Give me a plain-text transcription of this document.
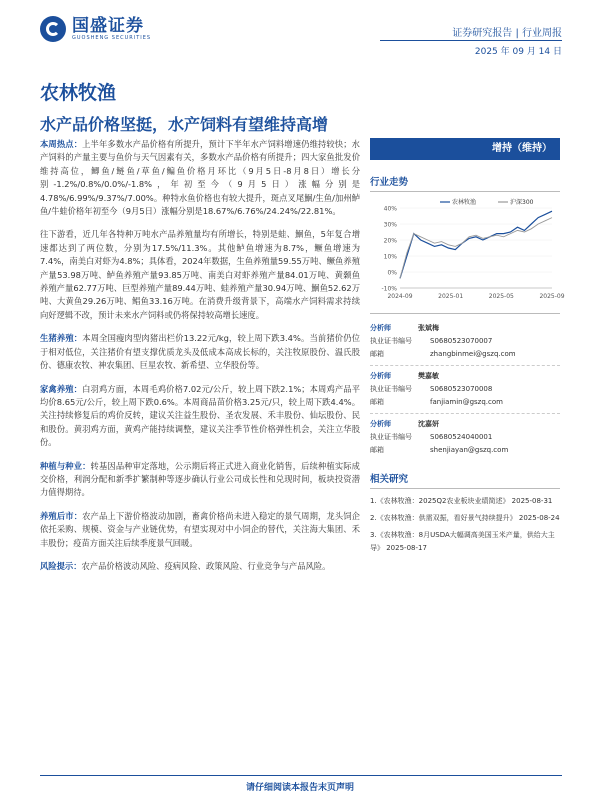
国盛证券
GUOSHENG SECURITIES	证券研究报告 | 行业周报
2025 年 09 月 14 日
农林牧渔
水产品价格坚挺，水产饲料有望维持高增

本周热点：上半年多数水产品价格有所提升，预计下半年水产饲料增速仍维持较快；水产饲料的产量主要与鱼价与天气因素有关，多数水产品价格有所提升；四大家鱼批发价维持高位，鲫鱼/鲢鱼/草鱼/鳊鱼价格月环比（9月5日-8月8日）增长分别-1.2%/0.8%/0.0%/-1.8%，年初至今（9月5日）涨幅分别是4.78%/6.99%/9.37%/7.00%。种特水鱼价格也有较大提升，斑点叉尾鮰/生鱼/加州鲈鱼/牛蛙价格年初至今（9月5日）涨幅分别是18.67%/6.76%/24.24%/22.81%。

往下游看，近几年各特种万吨水产品养殖量均有所增长，特别是蛙、鮰鱼，5年复合增速都达到了两位数，分别为17.5%/11.3%。其他鲈鱼增速为8.7%，鳜鱼增速为7.4%，南美白对虾为4.8%；具体看，2024年数据，生鱼养殖量59.55万吨、鳜鱼养殖产量53.98万吨、鲈鱼养殖产量93.85万吨、南美白对虾养殖产量84.01万吨、黄颡鱼养殖产量62.77万吨、巨型养殖产量89.44万吨、蛙养殖产量30.94万吨、鮰鱼52.62万吨、大黄鱼29.26万吨、鲳鱼33.16万吨。在消费升级背景下，高端水产饲料需求持续向好逻辑不改，预计未来水产饲料或仍将保持较高增长速度。

生猪养殖：本周全国瘦肉型肉猪出栏价13.22元/kg，较上周下跌3.4%。当前猪价仍位于相对低位，关注猪价有望支撑优质龙头及低成本高成长标的，关注牧原股份、温氏股份、德康农牧、神农集团、巨星农牧、新希望、立华股份等。

家禽养殖：白羽鸡方面，本周毛鸡价格7.02元/公斤，较上周下跌2.1%；本周鸡产品平均价8.65元/公斤，较上周下跌0.6%。本周商品苗价格3.25元/只，较上周下跌4.4%。关注持续修复后的鸡价反转，建议关注益生股份、圣农发展、禾丰股份、仙坛股份、民和股份。黄羽鸡方面，黄鸡产能持续调整，建议关注季节性价格弹性机会，关注立华股份。

种植与种业：转基因品种审定落地，公示期后将正式进入商业化销售，后续种植实际成交价格，利润分配和新季扩繁制种等逐步确认行业公司成长性和兑现时间，板块投资潜力值得期待。

养殖后市：农产品上下游价格波动加剧，畜禽价格尚未进入稳定的景气周期，龙头饲企依托采购、规模、资金与产业链优势，有望实现对中小饲企的替代，关注海大集团、禾丰股份；疫苗方面关注后续季度景气回暖。

风险提示：农产品价格波动风险、疫病风险、政策风险、行业竞争与产品风险。

增持（维持）
行业走势
-10%
0%
10%
20%
30%
40%
2024-09	2025-01	2025-05	2025-09
农林牧渔	沪深300
分析师	张斌梅
执业证书编号	S0680523070007
邮箱	zhangbinmei@gszq.com
分析师	樊嘉敏
执业证书编号	S0680523070008
邮箱	fanjiamin@gszq.com
分析师	沈嘉妍
执业证书编号	S0680524040001
邮箱	shenjiayan@gszq.com
相关研究
1.《农林牧渔：2025Q2农业板块业绩简述》 2025-08-31
2.《农林牧渔：供需双振，看好景气持续提升》 2025-08-24
3.《农林牧渔：8月USDA大幅调高美国玉米产量，供给大主导》 2025-08-17
请仔细阅读本报告末页声明
